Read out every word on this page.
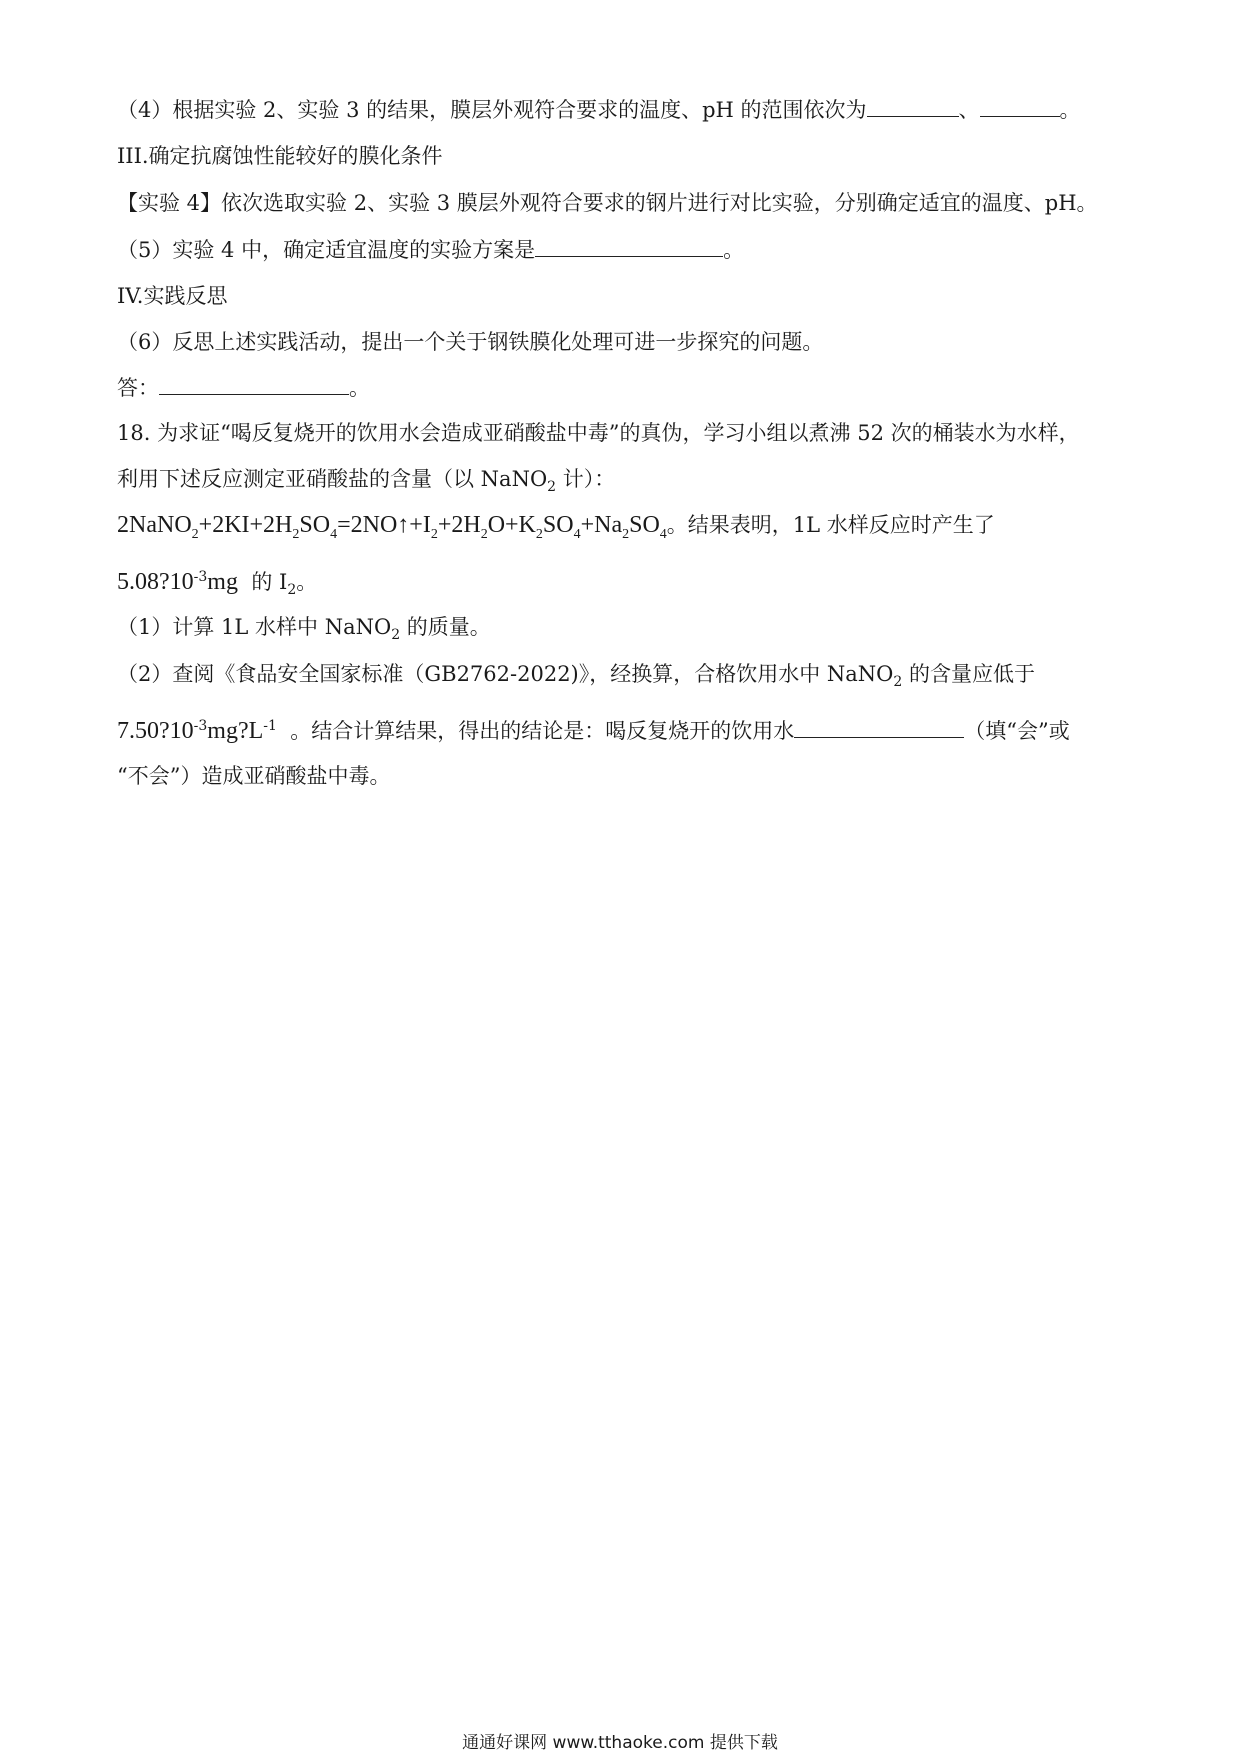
（4）根据实验 2、实验 3 的结果，膜层外观符合要求的温度、pH 的范围依次为	、	。
III.确定抗腐蚀性能较好的膜化条件
【实验 4】依次选取实验 2、实验 3 膜层外观符合要求的钢片进行对比实验，分别确定适宜的温度、pH。
（5）实验 4 中，确定适宜温度的实验方案是	。
IV.实践反思
（6）反思上述实践活动，提出一个关于钢铁膜化处理可进一步探究的问题。
答：	。
18. 为求证“喝反复烧开的饮用水会造成亚硝酸盐中毒”的真伪，学习小组以煮沸 52 次的桶装水为水样，
利用下述反应测定亚硝酸盐的含量（以 NaNO$_2$ 计）：
$2NaNO_2+2KI+2H_2SO_4=2NO↑+I_2+2H_2O+K_2SO_4+Na_2SO_4$。结果表明，1L 水样反应时产生了
$5.08?10^{-3}mg$ 的 $I_2$。
（1）计算 1L 水样中 NaNO$_2$ 的质量。
（2）查阅《食品安全国家标准（GB2762-2022)》，经换算，合格饮用水中 NaNO$_2$ 的含量应低于
$7.50?10^{-3}mg?L^{-1}$ 。结合计算结果，得出的结论是：喝反复烧开的饮用水	（填“会”或
“不会”）造成亚硝酸盐中毒。
通通好课网 www.tthaoke.com 提供下载
